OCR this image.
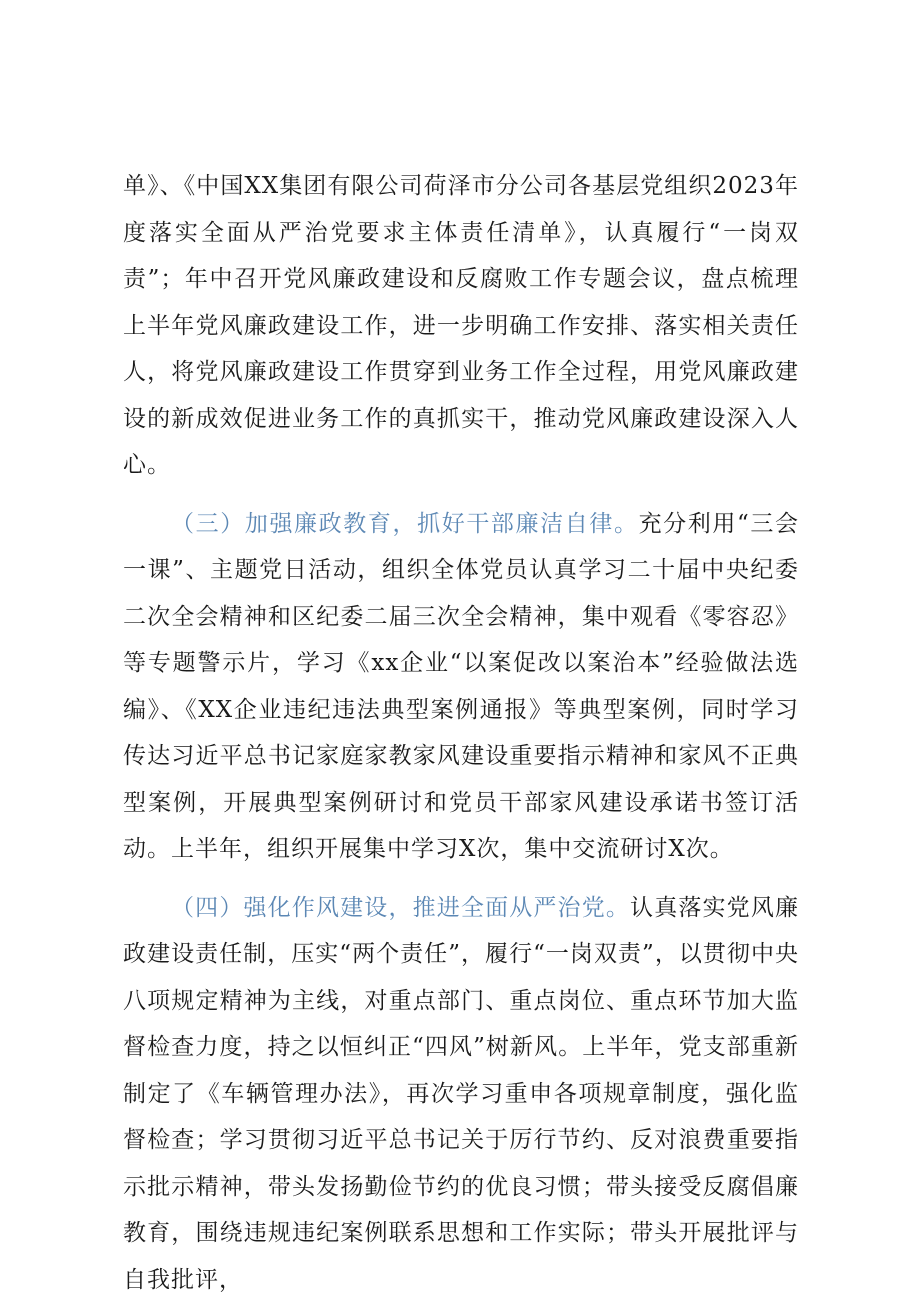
单》、《中国XX集团有限公司荷泽市分公司各基层党组织2023年度落实全面从严治党要求主体责任清单》，认真履行“一岗双责”；年中召开党风廉政建设和反腐败工作专题会议，盘点梳理上半年党风廉政建设工作，进一步明确工作安排、落实相关责任人，将党风廉政建设工作贯穿到业务工作全过程，用党风廉政建设的新成效促进业务工作的真抓实干，推动党风廉政建设深入人心。

（三）加强廉政教育，抓好干部廉洁自律。充分利用“三会一课”、主题党日活动，组织全体党员认真学习二十届中央纪委二次全会精神和区纪委二届三次全会精神，集中观看《零容忍》等专题警示片，学习《xx企业“以案促改以案治本”经验做法选编》、《XX企业违纪违法典型案例通报》等典型案例，同时学习传达习近平总书记家庭家教家风建设重要指示精神和家风不正典型案例，开展典型案例研讨和党员干部家风建设承诺书签订活动。上半年，组织开展集中学习X次，集中交流研讨X次。

（四）强化作风建设，推进全面从严治党。认真落实党风廉政建设责任制，压实“两个责任”，履行“一岗双责”，以贯彻中央八项规定精神为主线，对重点部门、重点岗位、重点环节加大监督检查力度，持之以恒纠正“四风”树新风。上半年，党支部重新制定了《车辆管理办法》，再次学习重申各项规章制度，强化监督检查；学习贯彻习近平总书记关于厉行节约、反对浪费重要指示批示精神，带头发扬勤俭节约的优良习惯；带头接受反腐倡廉教育，围绕违规违纪案例联系思想和工作实际；带头开展批评与自我批评，
